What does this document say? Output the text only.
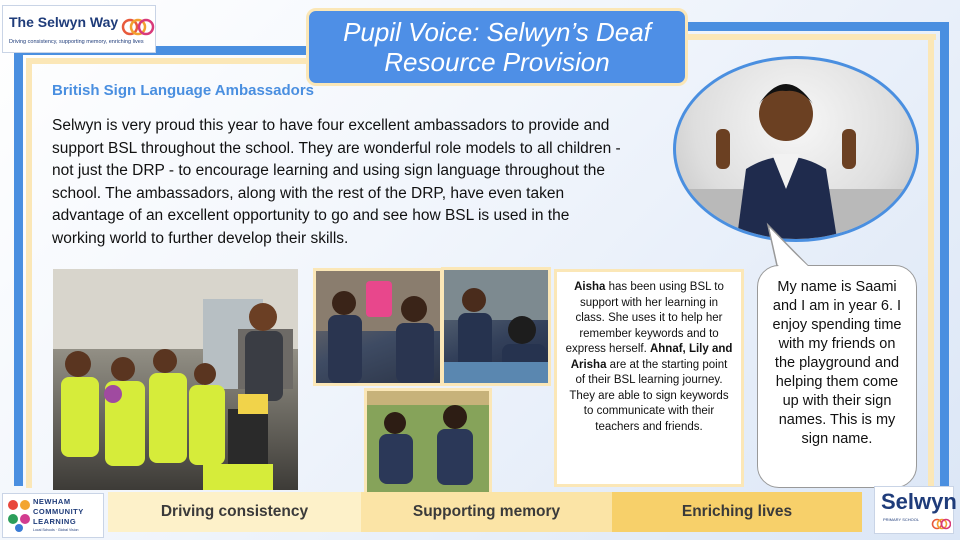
The Selwyn Way
Driving consistency, supporting memory, enriching lives	Pupil Voice: Selwyn’s Deaf Resource Provision
British Sign Language Ambassadors
Selwyn is very proud this year to have four excellent ambassadors to provide and support BSL throughout the school. They are wonderful role models to all children - not just the DRP - to encourage learning and using sign language throughout the school. The ambassadors, along with the rest of the DRP, have even taken advantage of an excellent opportunity to go and see how BSL is used in the working world to further develop their skills.
Aisha has been using BSL to support with her learning in class. She uses it to help her remember keywords and to express herself. Ahnaf, Lily and Arisha are at the starting point of their BSL learning journey. They are able to sign keywords to communicate with their teachers and friends.
My name is Saami and I am in year 6. I enjoy spending time with my friends on the playground and helping them come up with their sign names. This is my sign name.
NEWHAM
COMMUNITY
LEARNING
Local Schools · Global Vision
Driving consistency	Supporting memory	Enriching lives	Selwyn
PRIMARY SCHOOL
